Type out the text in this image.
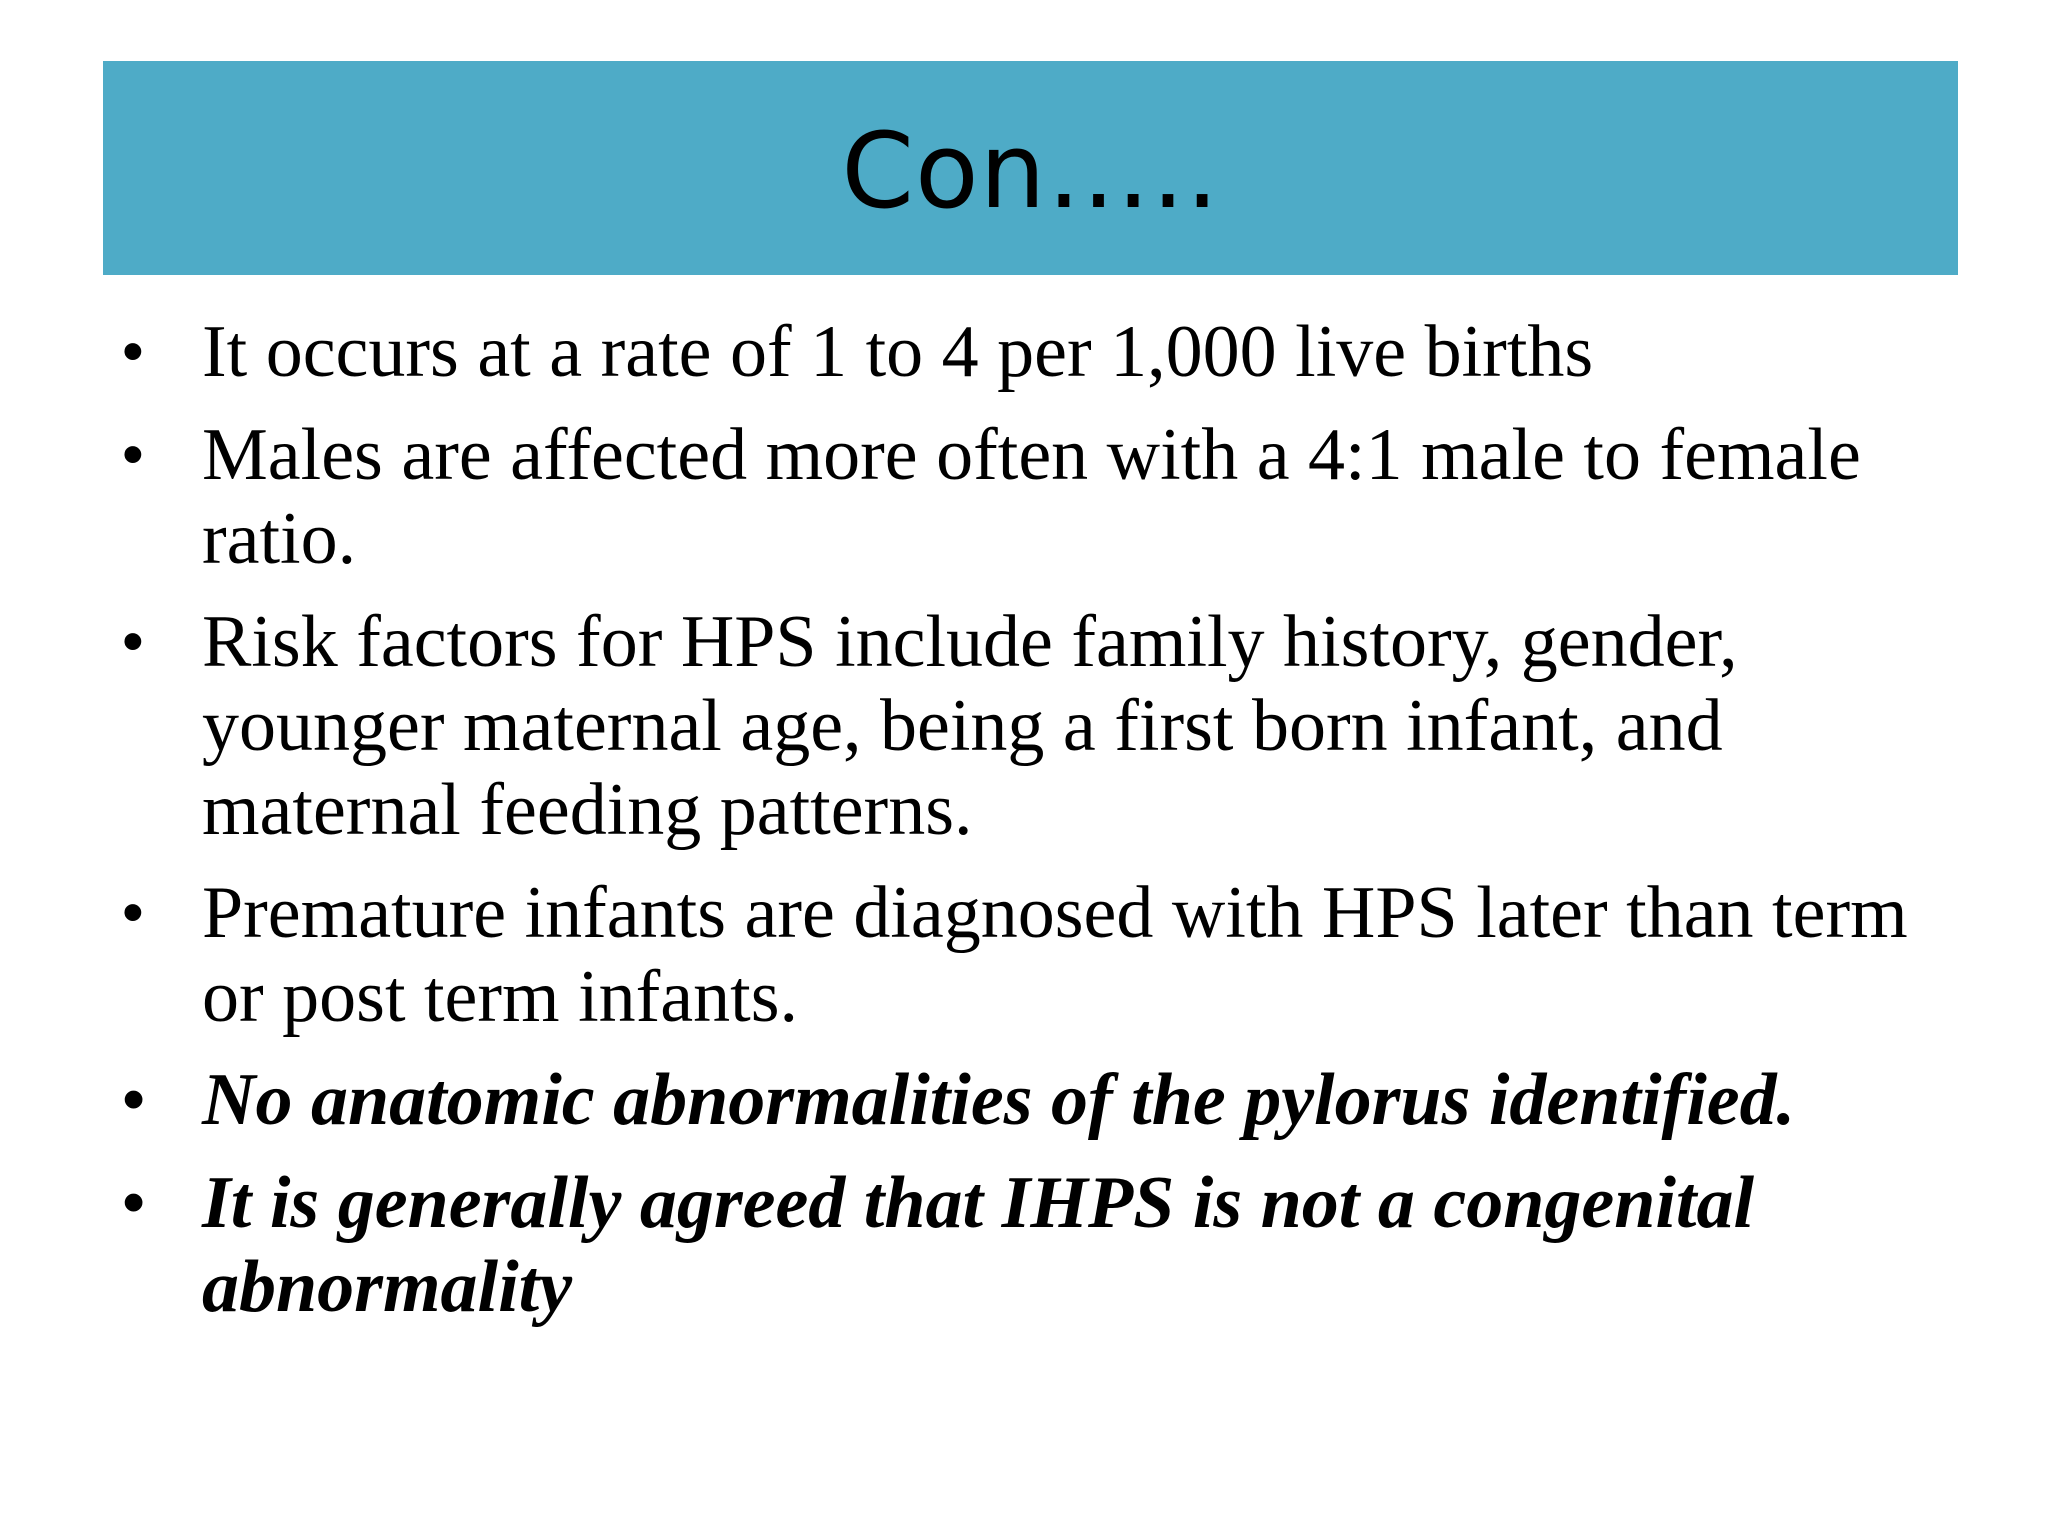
Con…..
• It occurs at a rate of 1 to 4 per 1,000 live births
• Males are affected more often with a 4:1 male to female ratio.
• Risk factors for HPS include family history, gender, younger maternal age, being a first born infant, and maternal feeding patterns.
• Premature infants are diagnosed with HPS later than term or post term infants.
• No anatomic abnormalities of the pylorus identified.
• It is generally agreed that IHPS is not a congenital abnormality
